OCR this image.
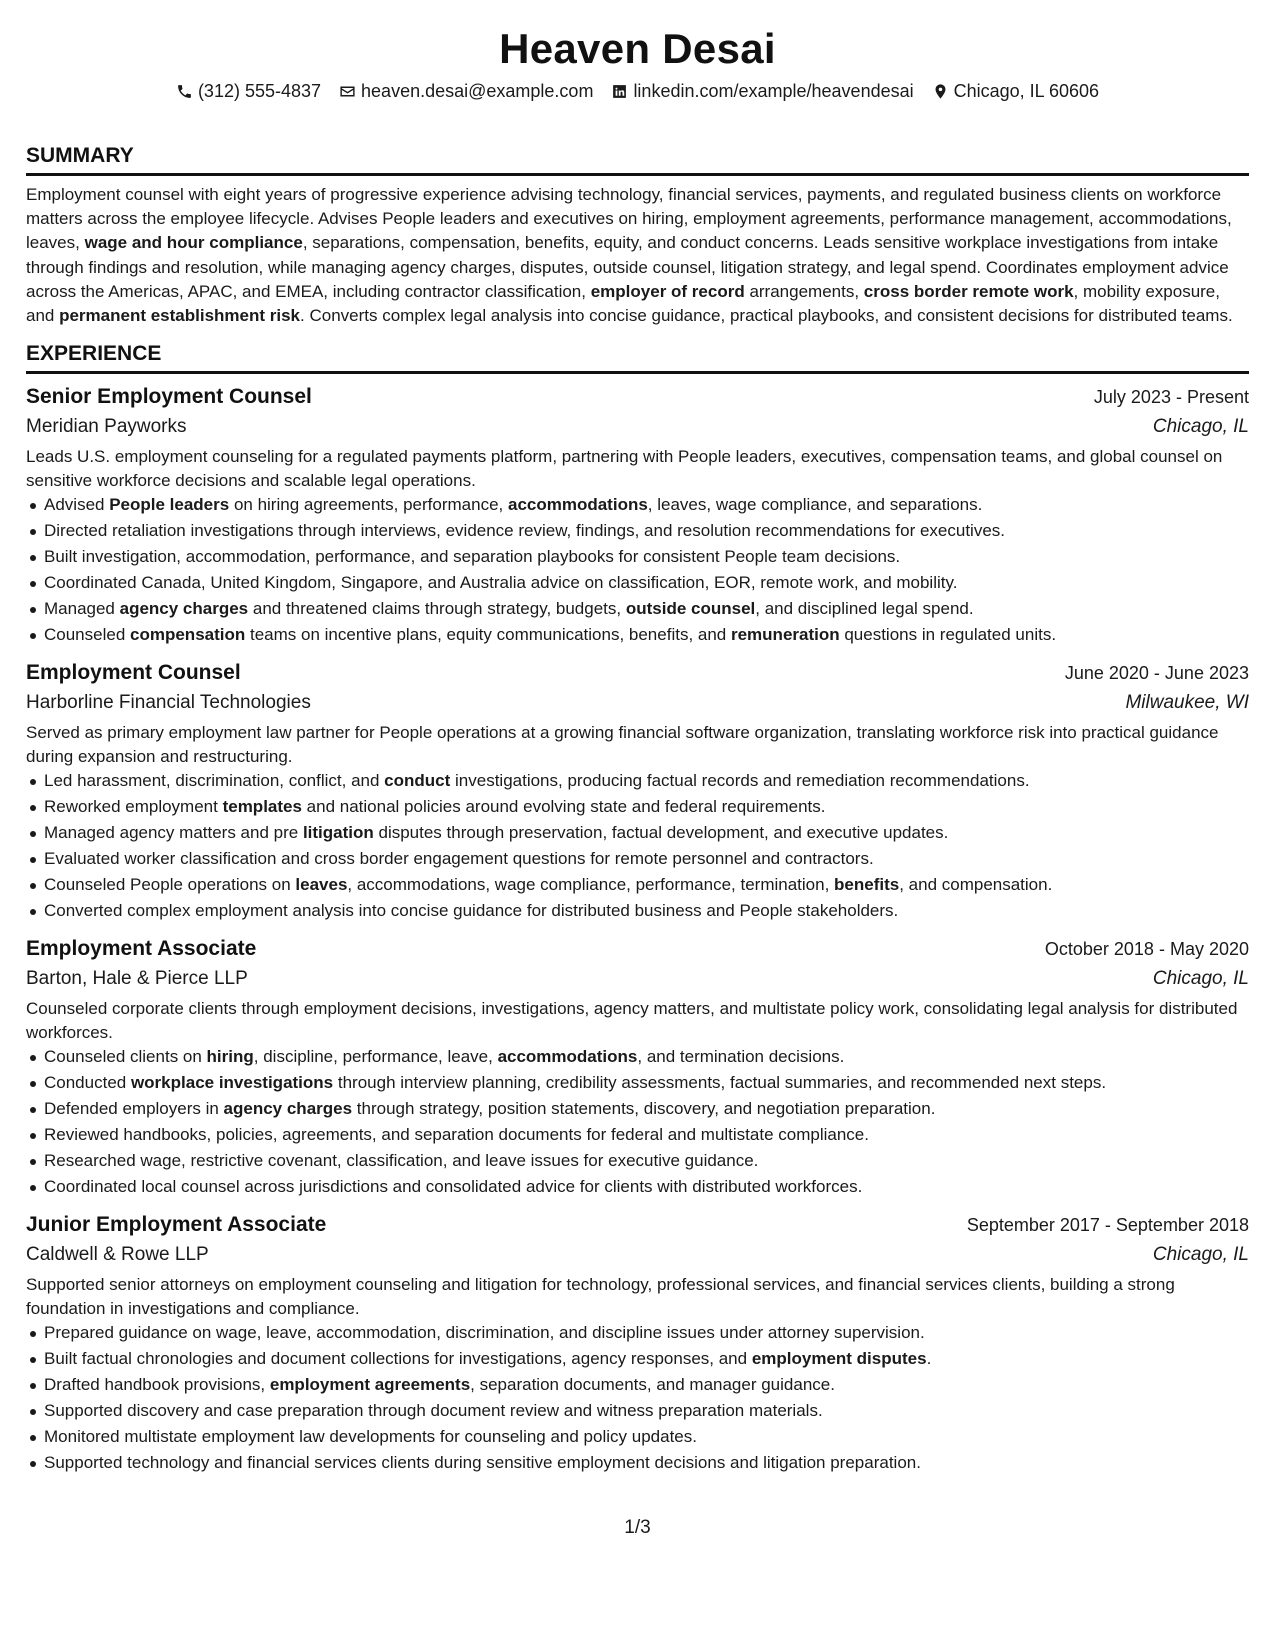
Heaven Desai
(312) 555-4837 heaven.desai@example.com linkedin.com/example/heavendesai Chicago, IL 60606
SUMMARY

Employment counsel with eight years of progressive experience advising technology, financial services, payments, and regulated business clients on workforce matters across the employee lifecycle. Advises People leaders and executives on hiring, employment agreements, performance management, accommodations, leaves, wage and hour compliance, separations, compensation, benefits, equity, and conduct concerns. Leads sensitive workplace investigations from intake through findings and resolution, while managing agency charges, disputes, outside counsel, litigation strategy, and legal spend. Coordinates employment advice across the Americas, APAC, and EMEA, including contractor classification, employer of record arrangements, cross border remote work, mobility exposure, and permanent establishment risk. Converts complex legal analysis into concise guidance, practical playbooks, and consistent decisions for distributed teams.

EXPERIENCE
Senior Employment Counsel	July 2023 - Present
Meridian Payworks	Chicago, IL

Leads U.S. employment counseling for a regulated payments platform, partnering with People leaders, executives, compensation teams, and global counsel on sensitive workforce decisions and scalable legal operations.

Advised People leaders on hiring agreements, performance, accommodations, leaves, wage compliance, and separations.
Directed retaliation investigations through interviews, evidence review, findings, and resolution recommendations for executives.
Built investigation, accommodation, performance, and separation playbooks for consistent People team decisions.
Coordinated Canada, United Kingdom, Singapore, and Australia advice on classification, EOR, remote work, and mobility.
Managed agency charges and threatened claims through strategy, budgets, outside counsel, and disciplined legal spend.
Counseled compensation teams on incentive plans, equity communications, benefits, and remuneration questions in regulated units.
Employment Counsel	June 2020 - June 2023
Harborline Financial Technologies	Milwaukee, WI

Served as primary employment law partner for People operations at a growing financial software organization, translating workforce risk into practical guidance during expansion and restructuring.

Led harassment, discrimination, conflict, and conduct investigations, producing factual records and remediation recommendations.
Reworked employment templates and national policies around evolving state and federal requirements.
Managed agency matters and pre litigation disputes through preservation, factual development, and executive updates.
Evaluated worker classification and cross border engagement questions for remote personnel and contractors.
Counseled People operations on leaves, accommodations, wage compliance, performance, termination, benefits, and compensation.
Converted complex employment analysis into concise guidance for distributed business and People stakeholders.
Employment Associate	October 2018 - May 2020
Barton, Hale & Pierce LLP	Chicago, IL

Counseled corporate clients through employment decisions, investigations, agency matters, and multistate policy work, consolidating legal analysis for distributed workforces.

Counseled clients on hiring, discipline, performance, leave, accommodations, and termination decisions.
Conducted workplace investigations through interview planning, credibility assessments, factual summaries, and recommended next steps.
Defended employers in agency charges through strategy, position statements, discovery, and negotiation preparation.
Reviewed handbooks, policies, agreements, and separation documents for federal and multistate compliance.
Researched wage, restrictive covenant, classification, and leave issues for executive guidance.
Coordinated local counsel across jurisdictions and consolidated advice for clients with distributed workforces.
Junior Employment Associate	September 2017 - September 2018
Caldwell & Rowe LLP	Chicago, IL

Supported senior attorneys on employment counseling and litigation for technology, professional services, and financial services clients, building a strong foundation in investigations and compliance.

Prepared guidance on wage, leave, accommodation, discrimination, and discipline issues under attorney supervision.
Built factual chronologies and document collections for investigations, agency responses, and employment disputes.
Drafted handbook provisions, employment agreements, separation documents, and manager guidance.
Supported discovery and case preparation through document review and witness preparation materials.
Monitored multistate employment law developments for counseling and policy updates.
Supported technology and financial services clients during sensitive employment decisions and litigation preparation.
1/3
